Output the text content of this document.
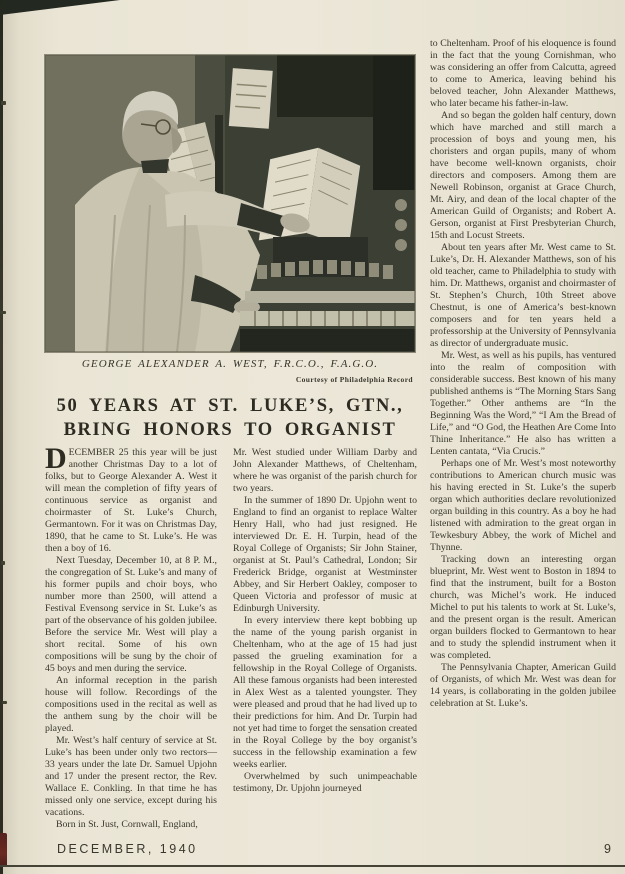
GEORGE ALEXANDER A. WEST, F.R.C.O., F.A.G.O.
Courtesy of Philadelphia Record
50 YEARS AT ST. LUKE’S, GTN.,
BRING HONORS TO ORGANIST

DECEMBER 25 this year will be just another Christmas Day to a lot of folks, but to George Alexander A. West it will mean the completion of fifty years of continuous service as organist and choirmaster of St. Luke’s Church, Germantown. For it was on Christmas Day, 1890, that he came to St. Luke’s. He was then a boy of 16.

Next Tuesday, December 10, at 8 P. M., the congregation of St. Luke’s and many of his former pupils and choir boys, who number more than 2500, will attend a Festival Evensong service in St. Luke’s as part of the observance of his golden jubilee. Before the service Mr. West will play a short recital. Some of his own compositions will be sung by the choir of 45 boys and men during the service.

An informal reception in the parish house will follow. Recordings of the compositions used in the recital as well as the anthem sung by the choir will be played.

Mr. West’s half century of service at St. Luke’s has been under only two rectors—33 years under the late Dr. Samuel Upjohn and 17 under the present rector, the Rev. Wallace E. Conkling. In that time he has missed only one service, except during his vacations.

Born in St. Just, Cornwall, England,

Mr. West studied under William Darby and John Alexander Matthews, of Cheltenham, where he was organist of the parish church for two years.

In the summer of 1890 Dr. Upjohn went to England to find an organist to replace Walter Henry Hall, who had just resigned. He interviewed Dr. E. H. Turpin, head of the Royal College of Organists; Sir John Stainer, organist at St. Paul’s Cathedral, London; Sir Frederick Bridge, organist at Westminster Abbey, and Sir Herbert Oakley, composer to Queen Victoria and professor of music at Edinburgh University.

In every interview there kept bobbing up the name of the young parish organist in Cheltenham, who at the age of 15 had just passed the grueling examination for a fellowship in the Royal College of Organists. All these famous organists had been interested in Alex West as a talented youngster. They were pleased and proud that he had lived up to their predictions for him. And Dr. Turpin had not yet had time to forget the sensation created in the Royal College by the boy organist’s success in the fellowship examination a few weeks earlier.

Overwhelmed by such unimpeachable testimony, Dr. Upjohn journeyed

to Cheltenham. Proof of his eloquence is found in the fact that the young Cornishman, who was considering an offer from Calcutta, agreed to come to America, leaving behind his beloved teacher, John Alexander Matthews, who later became his father-in-law.

And so began the golden half century, down which have marched and still march a procession of boys and young men, his choristers and organ pupils, many of whom have become well-known organists, choir directors and composers. Among them are Newell Robinson, organist at Grace Church, Mt. Airy, and dean of the local chapter of the American Guild of Organists; and Robert A. Gerson, organist at First Presbyterian Church, 15th and Locust Streets.

About ten years after Mr. West came to St. Luke’s, Dr. H. Alexander Matthews, son of his old teacher, came to Philadelphia to study with him. Dr. Matthews, organist and choirmaster of St. Stephen’s Church, 10th Street above Chestnut, is one of America’s best-known composers and for ten years held a professorship at the University of Pennsylvania as director of undergraduate music.

Mr. West, as well as his pupils, has ventured into the realm of composition with considerable success. Best known of his many published anthems is “The Morning Stars Sang Together.” Other anthems are “In the Beginning Was the Word,” “I Am the Bread of Life,” and “O God, the Heathen Are Come Into Thine Inheritance.” He also has written a Lenten cantata, “Via Crucis.”

Perhaps one of Mr. West’s most noteworthy contributions to American church music was his having erected in St. Luke’s the superb organ which authorities declare revolutionized organ building in this country. As a boy he had listened with admiration to the great organ in Tewkesbury Abbey, the work of Michel and Thynne.

Tracking down an interesting organ blueprint, Mr. West went to Boston in 1894 to find that the instrument, built for a Boston church, was Michel’s work. He induced Michel to put his talents to work at St. Luke’s, and the present organ is the result. American organ builders flocked to Germantown to hear and to study the splendid instrument when it was completed.

The Pennsylvania Chapter, American Guild of Organists, of which Mr. West was dean for 14 years, is collaborating in the golden jubilee celebration at St. Luke’s.

DECEMBER, 1940	9
